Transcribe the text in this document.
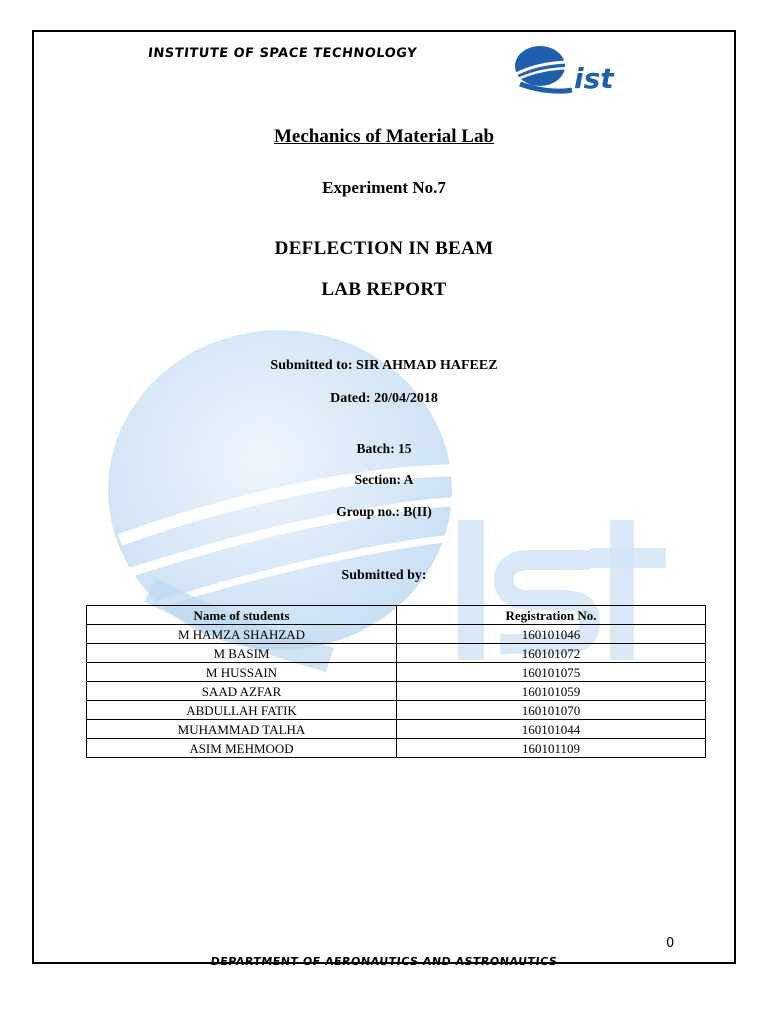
INSTITUTE OF SPACE TECHNOLOGY
ist
Mechanics of Material Lab
Experiment No.7
DEFLECTION IN BEAM
LAB REPORT
Submitted to: SIR AHMAD HAFEEZ
Dated: 20/04/2018
Batch: 15
Section: A
Group no.: B(II)
Submitted by:
Name of students	Registration No.
M HAMZA SHAHZAD	160101046
M BASIM	160101072
M HUSSAIN	160101075
SAAD AZFAR	160101059
ABDULLAH FATIK	160101070
MUHAMMAD TALHA	160101044
ASIM MEHMOOD	160101109
0
DEPARTMENT OF AERONAUTICS AND ASTRONAUTICS
